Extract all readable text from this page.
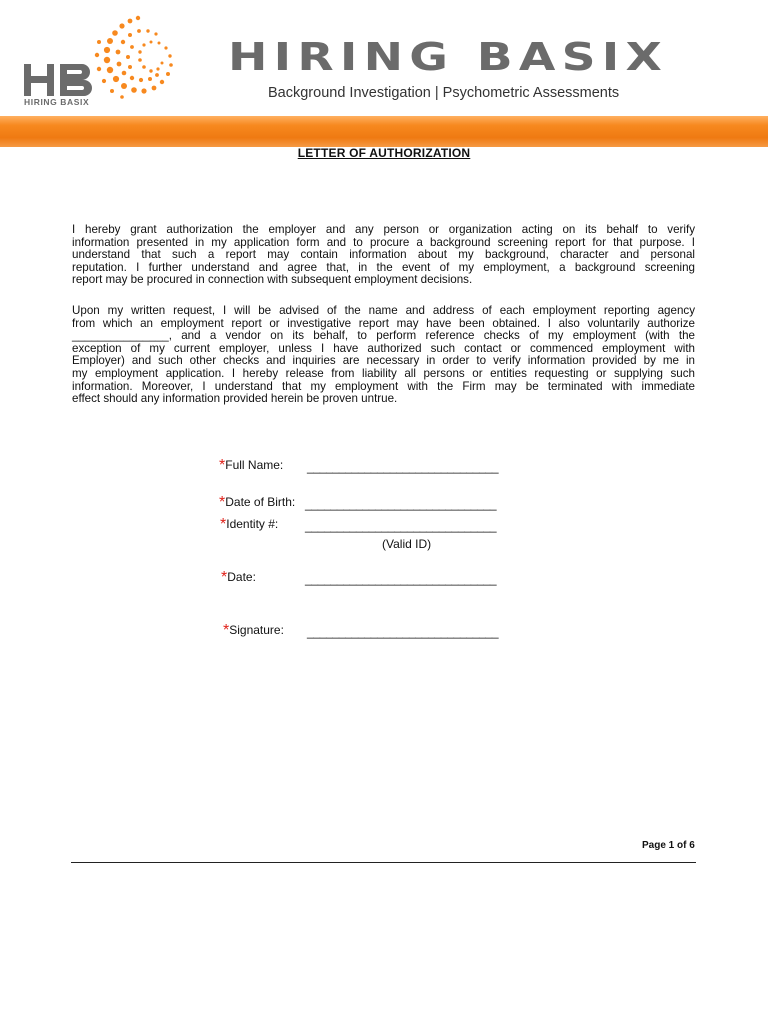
HIRING BASIX
HIRING BASIX
Background Investigation | Psychometric Assessments
LETTER OF AUTHORIZATION
I hereby grant authorization the employer and any person or organization acting on its behalf to verify
information presented in my application form and to procure a background screening report for that purpose. I
understand that such a report may contain information about my background, character and personal
reputation. I further understand and agree that, in the event of my employment, a background screening
report may be procured in connection with subsequent employment decisions.
Upon my written request, I will be advised of the name and address of each employment reporting agency
from which an employment report or investigative report may have been obtained. I also voluntarily authorize
_______________, and a vendor on its behalf, to perform reference checks of my employment (with the
exception of my current employer, unless I have authorized such contact or commenced employment with
Employer) and such other checks and inquiries are necessary in order to verify information provided by me in
my employment application. I hereby release from liability all persons or entities requesting or supplying such
information. Moreover, I understand that my employment with the Firm may be terminated with immediate
effect should any information provided herein be proven untrue.
*Full Name: ______________________________
*Date of Birth: ______________________________
*Identity #: ______________________________
(Valid ID)
*Date:	______________________________
*Signature: ______________________________
Page 1 of 6
